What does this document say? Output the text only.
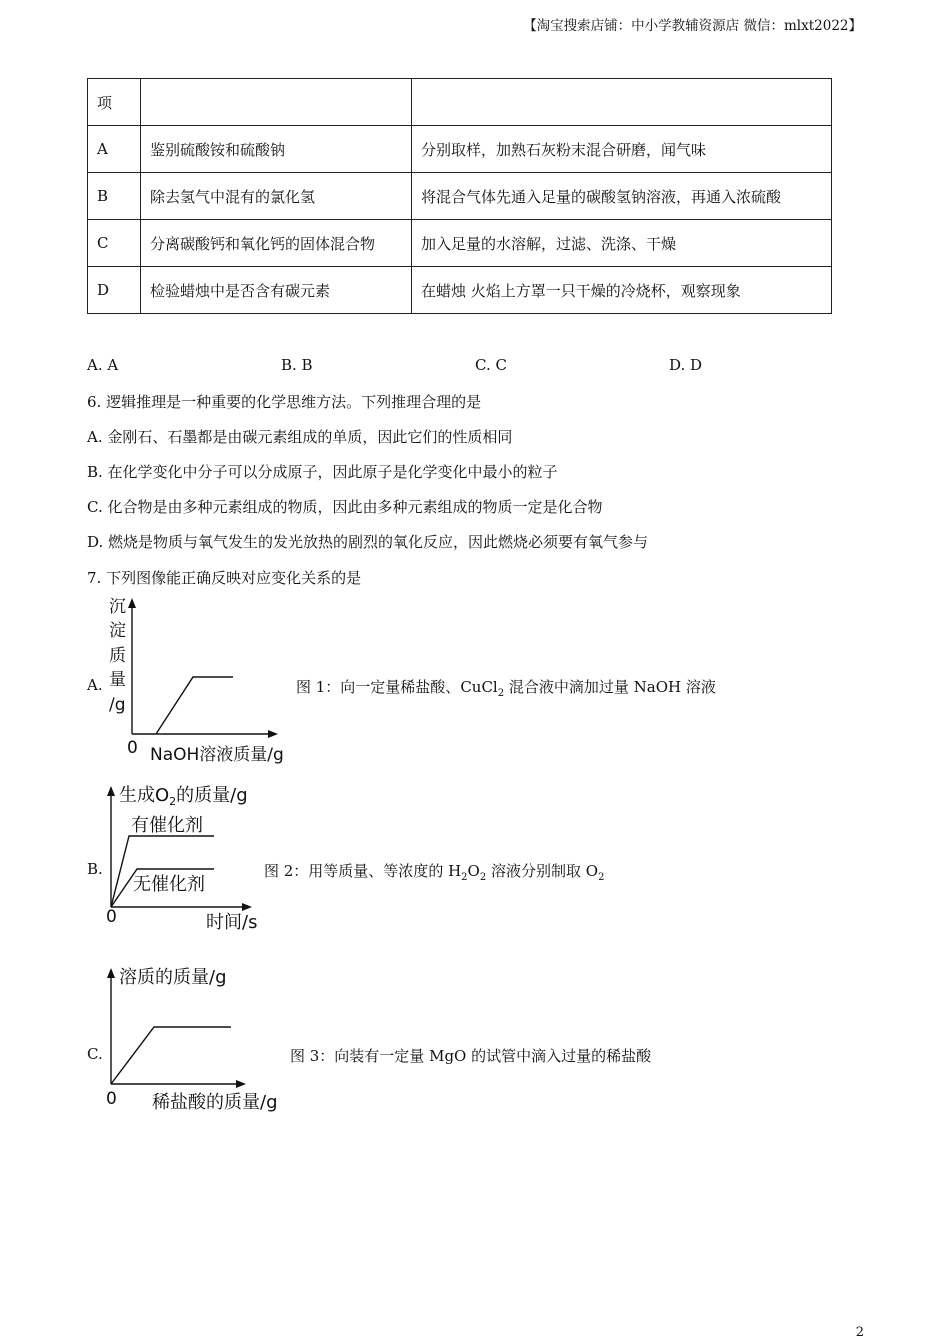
【淘宝搜索店铺：中小学教辅资源店 微信：mlxt2022】
项		
A	鉴别硫酸铵和硫酸钠	分别取样，加熟石灰粉末混合研磨，闻气味
B	除去氢气中混有的氯化氢	将混合气体先通入足量的碳酸氢钠溶液，再通入浓硫酸
C	分离碳酸钙和氧化钙的固体混合物	加入足量的水溶解，过滤、洗涤、干燥
D	检验蜡烛中是否含有碳元素	在蜡烛 火焰上方罩一只干燥的冷烧杯，观察现象
A. A	B. B	C. C	D. D
6. 逻辑推理是一种重要的化学思维方法。下列推理合理的是
A. 金刚石、石墨都是由碳元素组成的单质，因此它们的性质相同
B. 在化学变化中分子可以分成原子，因此原子是化学变化中最小的粒子
C. 化合物是由多种元素组成的物质，因此由多种元素组成的物质一定是化合物
D. 燃烧是物质与氧气发生的发光放热的剧烈的氧化反应，因此燃烧必须要有氧气参与
7. 下列图像能正确反映对应变化关系的是
A.
沉
淀
质
量
/g
0 NaOH溶液质量/g
图 1：向一定量稀盐酸、CuCl$_2$ 混合液中滴加过量 NaOH 溶液
B.
生成$O_2$的质量/g
有催化剂
无催化剂
0	时间/s
图 2：用等质量、等浓度的 $H_2O_2$ 溶液分别制取 $O_2$
C.
溶质的质量/g
0 稀盐酸的质量/g
图 3：向装有一定量 MgO 的试管中滴入过量的稀盐酸
2
